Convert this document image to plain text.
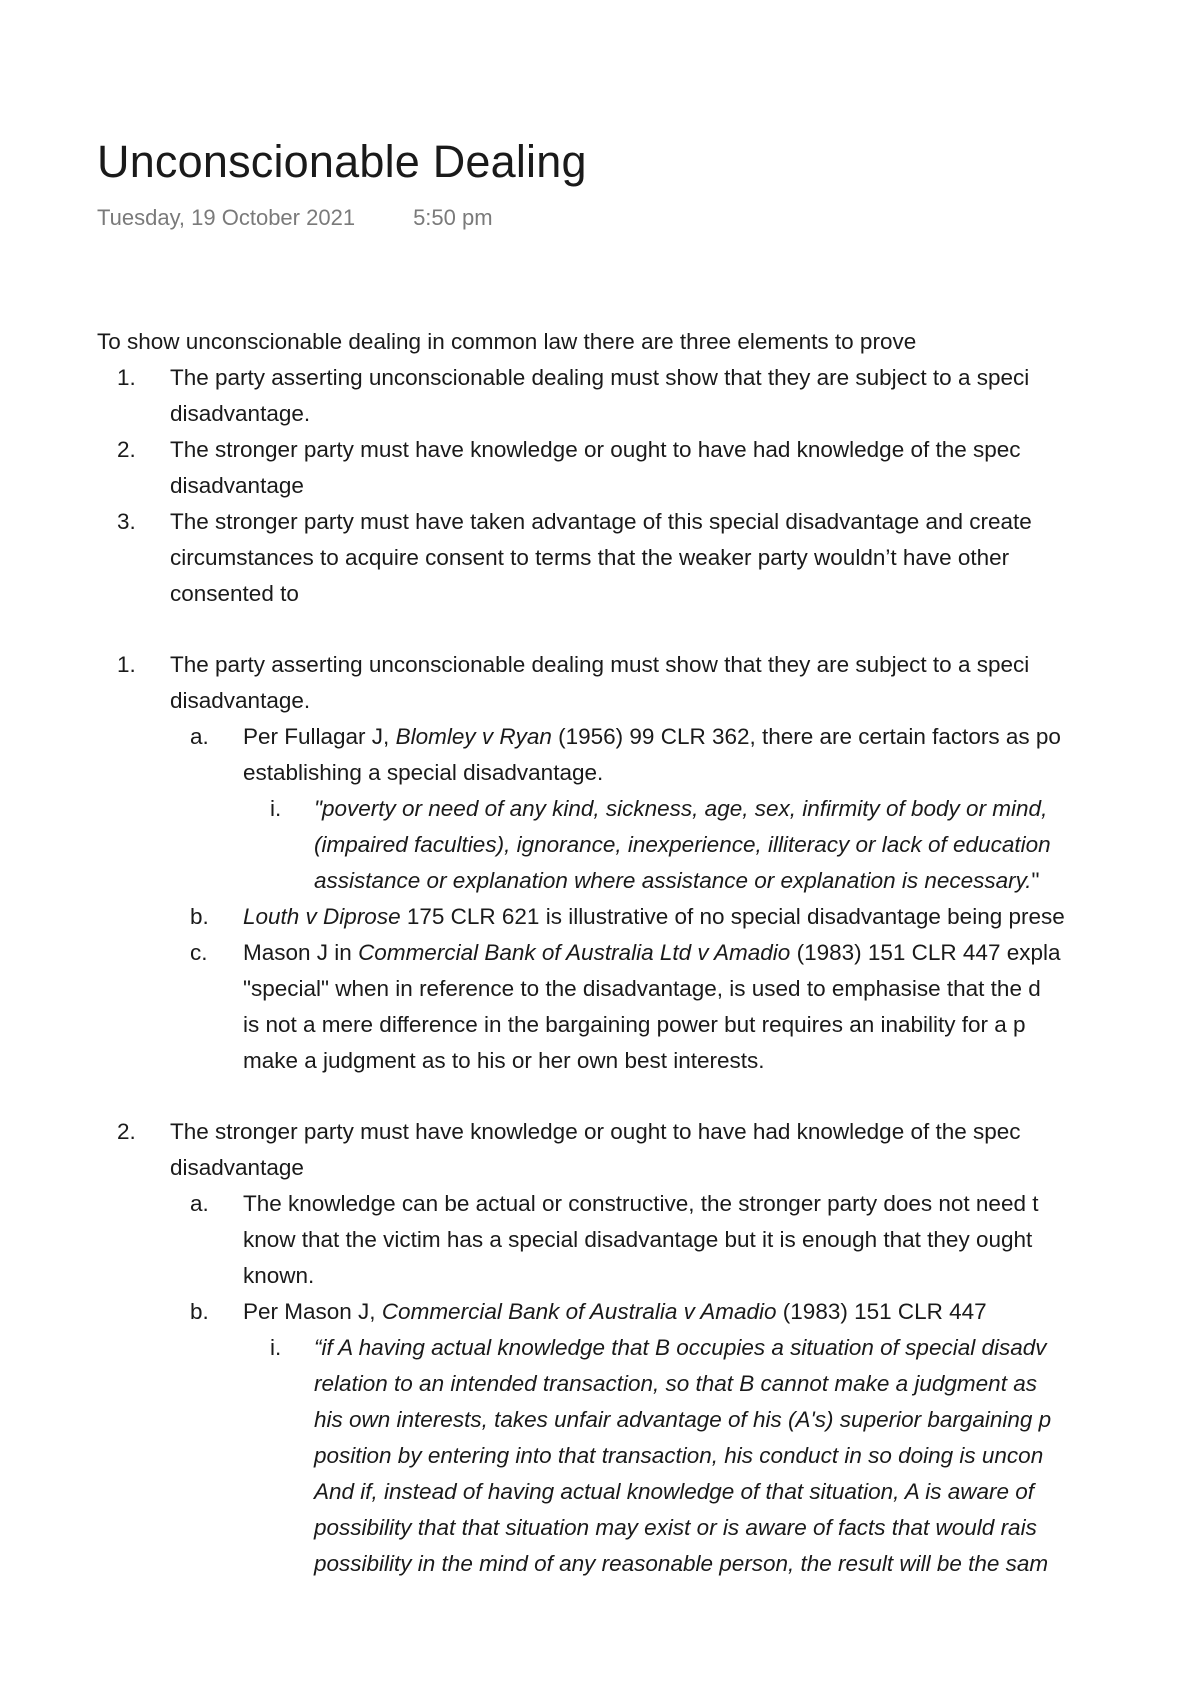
Unconscionable Dealing
Tuesday, 19 October 2021	5:50 pm
To show unconscionable dealing in common law there are three elements to prove
1. The party asserting unconscionable dealing must show that they are subject to a speci
disadvantage.
2. The stronger party must have knowledge or ought to have had knowledge of the spec
disadvantage
3. The stronger party must have taken advantage of this special disadvantage and create
circumstances to acquire consent to terms that the weaker party wouldn’t have other
consented to
1. The party asserting unconscionable dealing must show that they are subject to a speci
disadvantage.
a. Per Fullagar J, Blomley v Ryan (1956) 99 CLR 362, there are certain factors as po
establishing a special disadvantage.
i. "poverty or need of any kind, sickness, age, sex, infirmity of body or mind,
(impaired faculties), ignorance, inexperience, illiteracy or lack of education
assistance or explanation where assistance or explanation is necessary."
b. Louth v Diprose 175 CLR 621 is illustrative of no special disadvantage being prese
c. Mason J in Commercial Bank of Australia Ltd v Amadio (1983) 151 CLR 447 expla
"special" when in reference to the disadvantage, is used to emphasise that the d
is not a mere difference in the bargaining power but requires an inability for a p
make a judgment as to his or her own best interests.
2. The stronger party must have knowledge or ought to have had knowledge of the spec
disadvantage
a. The knowledge can be actual or constructive, the stronger party does not need t
know that the victim has a special disadvantage but it is enough that they ought
known.
b. Per Mason J, Commercial Bank of Australia v Amadio (1983) 151 CLR 447
i. “if A having actual knowledge that B occupies a situation of special disadv
relation to an intended transaction, so that B cannot make a judgment as
his own interests, takes unfair advantage of his (A's) superior bargaining p
position by entering into that transaction, his conduct in so doing is uncon
And if, instead of having actual knowledge of that situation, A is aware of
possibility that that situation may exist or is aware of facts that would rais
possibility in the mind of any reasonable person, the result will be the sam
